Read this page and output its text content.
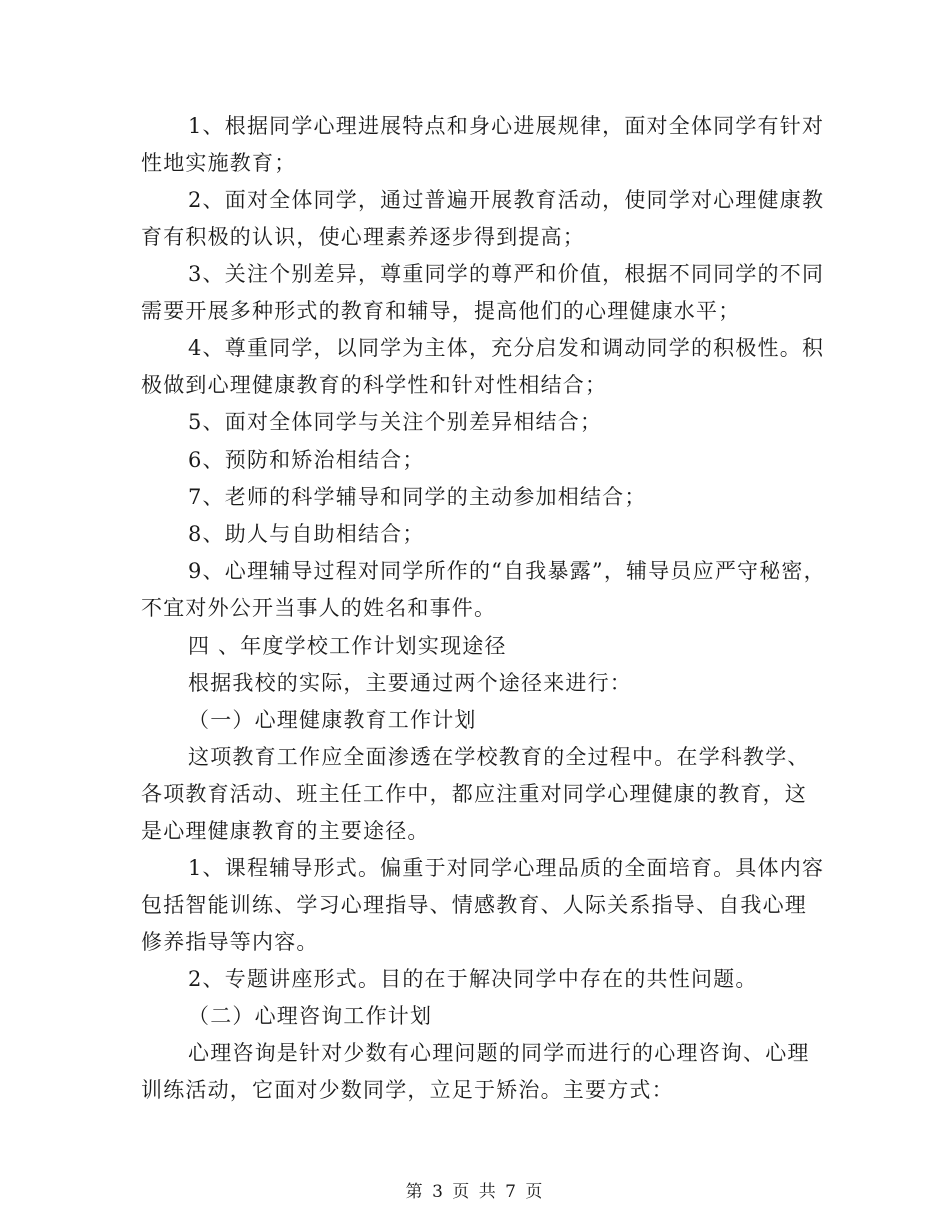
1、根据同学心理进展特点和身心进展规律，面对全体同学有针对
性地实施教育；
2、面对全体同学，通过普遍开展教育活动，使同学对心理健康教
育有积极的认识，使心理素养逐步得到提高；
3、关注个别差异，尊重同学的尊严和价值，根据不同同学的不同
需要开展多种形式的教育和辅导，提高他们的心理健康水平；
4、尊重同学，以同学为主体，充分启发和调动同学的积极性。积
极做到心理健康教育的科学性和针对性相结合；
5、面对全体同学与关注个别差异相结合；
6、预防和矫治相结合；
7、老师的科学辅导和同学的主动参加相结合；
8、助人与自助相结合；
9、心理辅导过程对同学所作的“自我暴露”，辅导员应严守秘密，
不宜对外公开当事人的姓名和事件。
四 、年度学校工作计划实现途径
根据我校的实际，主要通过两个途径来进行：
（一）心理健康教育工作计划
这项教育工作应全面渗透在学校教育的全过程中。在学科教学、
各项教育活动、班主任工作中，都应注重对同学心理健康的教育，这
是心理健康教育的主要途径。
1、课程辅导形式。偏重于对同学心理品质的全面培育。具体内容
包括智能训练、学习心理指导、情感教育、人际关系指导、自我心理
修养指导等内容。
2、专题讲座形式。目的在于解决同学中存在的共性问题。
（二）心理咨询工作计划
心理咨询是针对少数有心理问题的同学而进行的心理咨询、心理
训练活动，它面对少数同学，立足于矫治。主要方式：
第 3 页 共 7 页
